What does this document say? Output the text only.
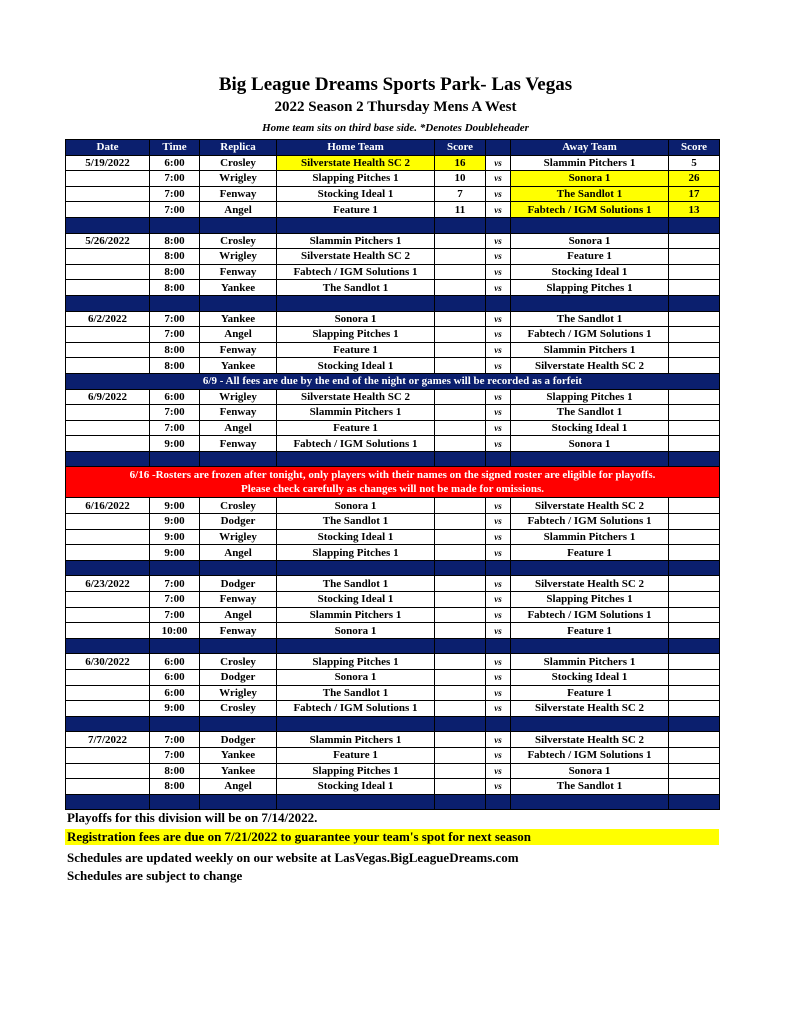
Big League Dreams Sports Park- Las Vegas
2022 Season 2 Thursday Mens A West
Home team sits on third base side. *Denotes Doubleheader
Date	Time	Replica	Home Team	Score		Away Team	Score
5/19/2022	6:00	Crosley	Silverstate Health SC 2	16	vs	Slammin Pitchers 1	5
	7:00	Wrigley	Slapping Pitches 1	10	vs	Sonora 1	26
	7:00	Fenway	Stocking Ideal 1	7	vs	The Sandlot 1	17
	7:00	Angel	Feature 1	11	vs	Fabtech / IGM Solutions 1	13

5/26/2022	8:00	Crosley	Slammin Pitchers 1		vs	Sonora 1	
	8:00	Wrigley	Silverstate Health SC 2		vs	Feature 1	
	8:00	Fenway	Fabtech / IGM Solutions 1		vs	Stocking Ideal 1	
	8:00	Yankee	The Sandlot 1		vs	Slapping Pitches 1	

6/2/2022	7:00	Yankee	Sonora 1		vs	The Sandlot 1	
	7:00	Angel	Slapping Pitches 1		vs	Fabtech / IGM Solutions 1	
	8:00	Fenway	Feature 1		vs	Slammin Pitchers 1	
	8:00	Yankee	Stocking Ideal 1		vs	Silverstate Health SC 2	
6/9 - All fees are due by the end of the night or games will be recorded as a forfeit							
6/9/2022	6:00	Wrigley	Silverstate Health SC 2		vs	Slapping Pitches 1	
	7:00	Fenway	Slammin Pitchers 1		vs	The Sandlot 1	
	7:00	Angel	Feature 1		vs	Stocking Ideal 1	
	9:00	Fenway	Fabtech / IGM Solutions 1		vs	Sonora 1	

6/16 -Rosters are frozen after tonight, only players with their names on the signed roster are eligible for playoffs.
Please check carefully as changes will not be made for omissions.							

6/16/2022	9:00	Crosley	Sonora 1		vs	Silverstate Health SC 2	
	9:00	Dodger	The Sandlot 1		vs	Fabtech / IGM Solutions 1	
	9:00	Wrigley	Stocking Ideal 1		vs	Slammin Pitchers 1	
	9:00	Angel	Slapping Pitches 1		vs	Feature 1	

6/23/2022	7:00	Dodger	The Sandlot 1		vs	Silverstate Health SC 2	
	7:00	Fenway	Stocking Ideal 1		vs	Slapping Pitches 1	
	7:00	Angel	Slammin Pitchers 1		vs	Fabtech / IGM Solutions 1	
	10:00	Fenway	Sonora 1		vs	Feature 1	

6/30/2022	6:00	Crosley	Slapping Pitches 1		vs	Slammin Pitchers 1	
	6:00	Dodger	Sonora 1		vs	Stocking Ideal 1	
	6:00	Wrigley	The Sandlot 1		vs	Feature 1	
	9:00	Crosley	Fabtech / IGM Solutions 1		vs	Silverstate Health SC 2	

7/7/2022	7:00	Dodger	Slammin Pitchers 1		vs	Silverstate Health SC 2	
	7:00	Yankee	Feature 1		vs	Fabtech / IGM Solutions 1	
	8:00	Yankee	Slapping Pitches 1		vs	Sonora 1	
	8:00	Angel	Stocking Ideal 1		vs	The Sandlot 1	

Playoffs for this division will be on 7/14/2022.
Registration fees are due on 7/21/2022 to guarantee your team's spot for next season
Schedules are updated weekly on our website at LasVegas.BigLeagueDreams.com
Schedules are subject to change
